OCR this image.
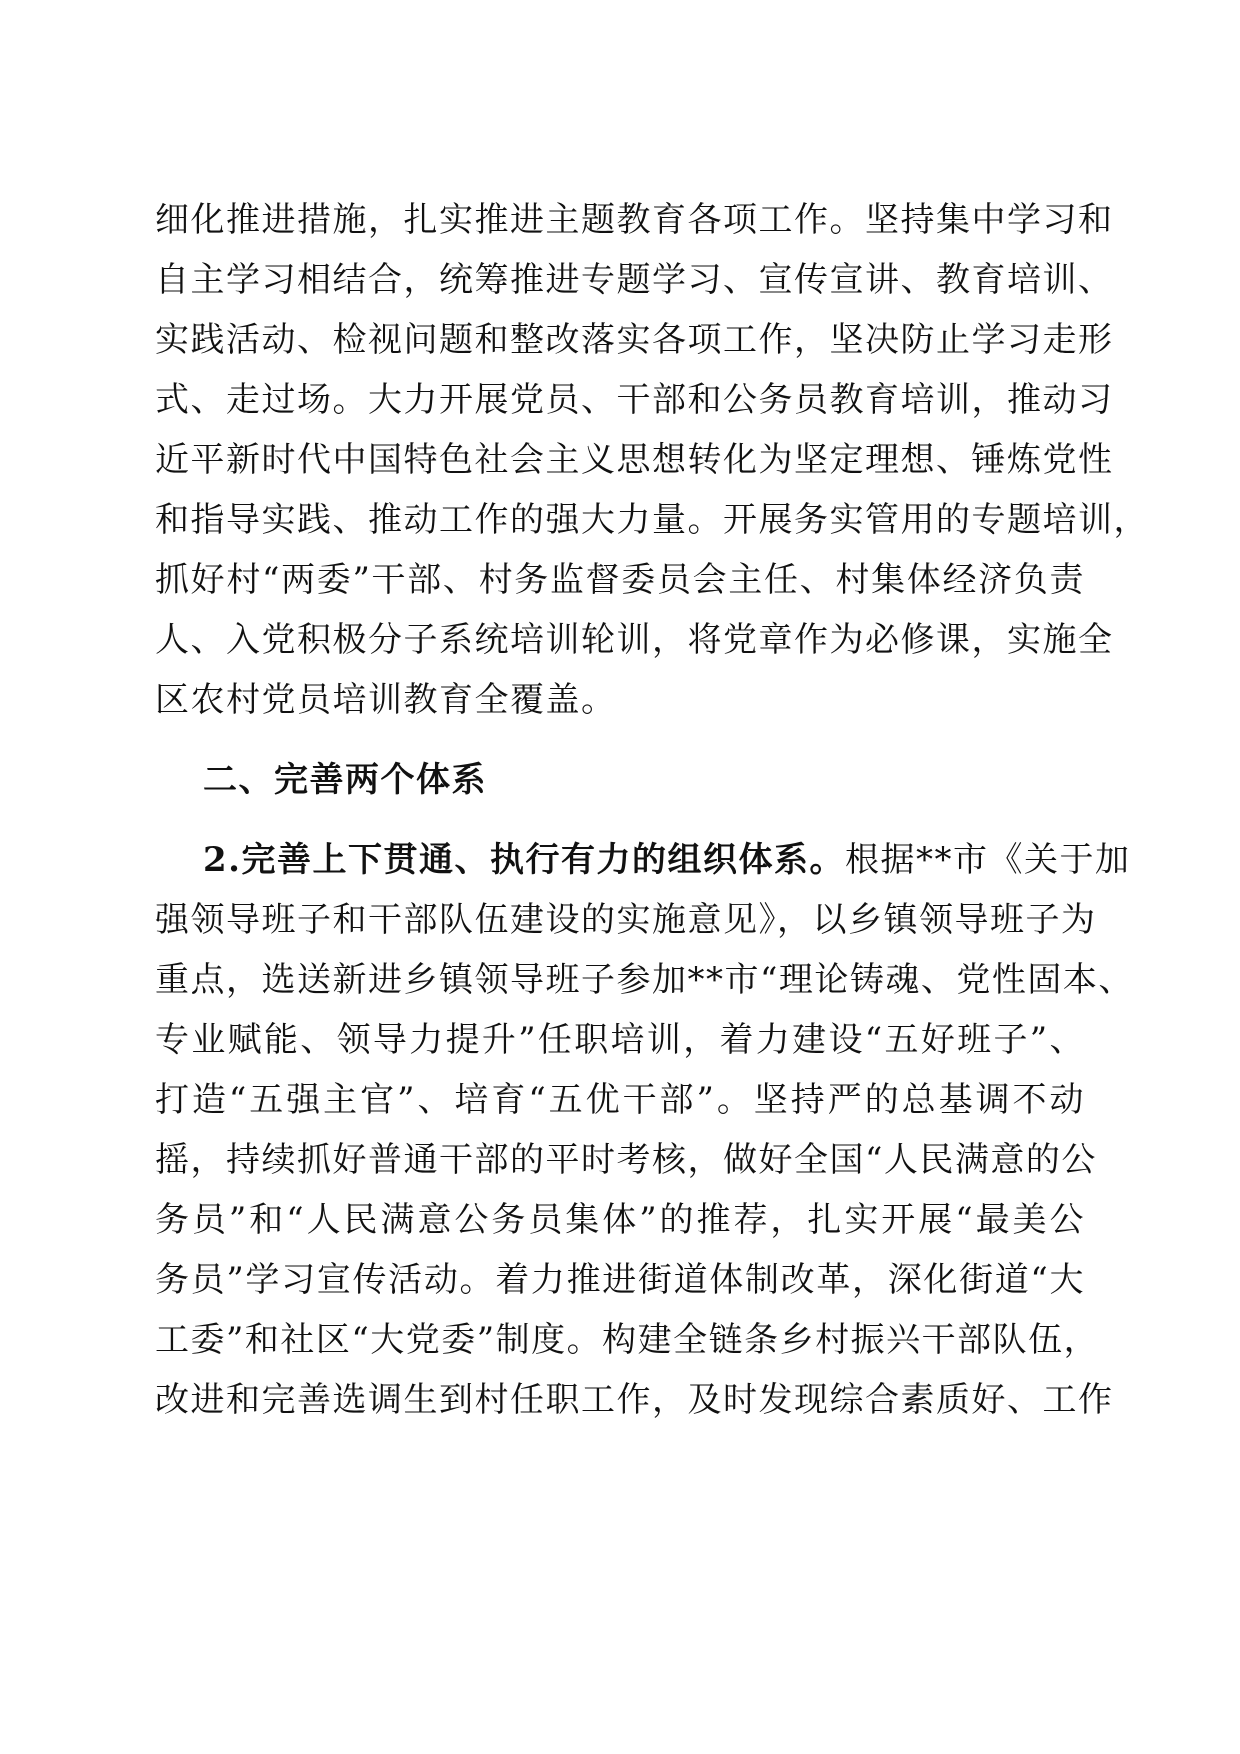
细化推进措施，扎实推进主题教育各项工作。坚持集中学习和
自主学习相结合，统筹推进专题学习、宣传宣讲、教育培训、
实践活动、检视问题和整改落实各项工作，坚决防止学习走形
式、走过场。大力开展党员、干部和公务员教育培训，推动习
近平新时代中国特色社会主义思想转化为坚定理想、锤炼党性
和指导实践、推动工作的强大力量。开展务实管用的专题培训，
抓好村“两委”干部、村务监督委员会主任、村集体经济负责
人、入党积极分子系统培训轮训，将党章作为必修课，实施全
区农村党员培训教育全覆盖。
二、完善两个体系
2.完善上下贯通、执行有力的组织体系。根据**市《关于加
强领导班子和干部队伍建设的实施意见》，以乡镇领导班子为
重点，选送新进乡镇领导班子参加**市“理论铸魂、党性固本、
专业赋能、领导力提升”任职培训，着力建设“五好班子”、
打造“五强主官”、培育“五优干部”。坚持严的总基调不动
摇，持续抓好普通干部的平时考核，做好全国“人民满意的公
务员”和“人民满意公务员集体”的推荐，扎实开展“最美公
务员”学习宣传活动。着力推进街道体制改革，深化街道“大
工委”和社区“大党委”制度。构建全链条乡村振兴干部队伍，
改进和完善选调生到村任职工作，及时发现综合素质好、工作
